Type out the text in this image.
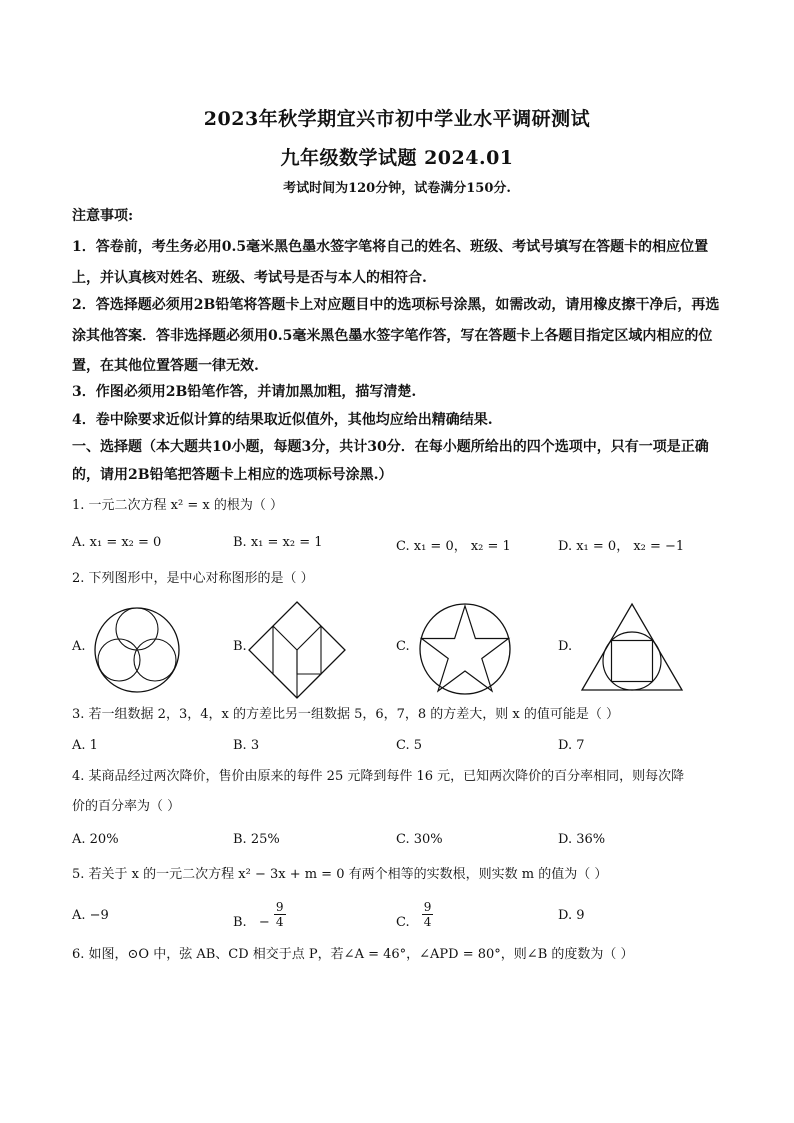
2023年秋学期宜兴市初中学业水平调研测试
九年级数学试题 2024.01
考试时间为120分钟，试卷满分150分.
注意事项:
1．答卷前，考生务必用0.5毫米黑色墨水签字笔将自己的姓名、班级、考试号填写在答题卡的相应位置上，并认真核对姓名、班级、考试号是否与本人的相符合.
2．答选择题必须用2B铅笔将答题卡上对应题目中的选项标号涂黑，如需改动，请用橡皮擦干净后，再选涂其他答案．答非选择题必须用0.5毫米黑色墨水签字笔作答，写在答题卡上各题目指定区域内相应的位置，在其他位置答题一律无效.
3．作图必须用2B铅笔作答，并请加黑加粗，描写清楚.
4．卷中除要求近似计算的结果取近似值外，其他均应给出精确结果.
一、选择题（本大题共10小题，每题3分，共计30分．在每小题所给出的四个选项中，只有一项是正确的，请用2B铅笔把答题卡上相应的选项标号涂黑.）
1. 一元二次方程 x² = x 的根为（ ）
A. x₁ = x₂ = 0	B. x₁ = x₂ = 1	C. x₁ = 0， x₂ = 1	D. x₁ = 0， x₂ = −1
2. 下列图形中，是中心对称图形的是（ ）
A.	B.	C.	D.
3. 若一组数据 2，3，4，x 的方差比另一组数据 5，6，7，8 的方差大，则 x 的值可能是（ ）
A. 1	B. 3	C. 5	D. 7
4. 某商品经过两次降价，售价由原来的每件 25 元降到每件 16 元，已知两次降价的百分率相同，则每次降
价的百分率为（ ）
A. 20%	B. 25%	C. 30%	D. 36%
5. 若关于 x 的一元二次方程 x² − 3x + m = 0 有两个相等的实数根，则实数 m 的值为（ ）
A. −9	B. − $\frac{9}{4}$	C. $\frac{9}{4}$	D. 9
6. 如图，⊙O 中，弦 AB、CD 相交于点 P，若∠A = 46°，∠APD = 80°，则∠B 的度数为（ ）
